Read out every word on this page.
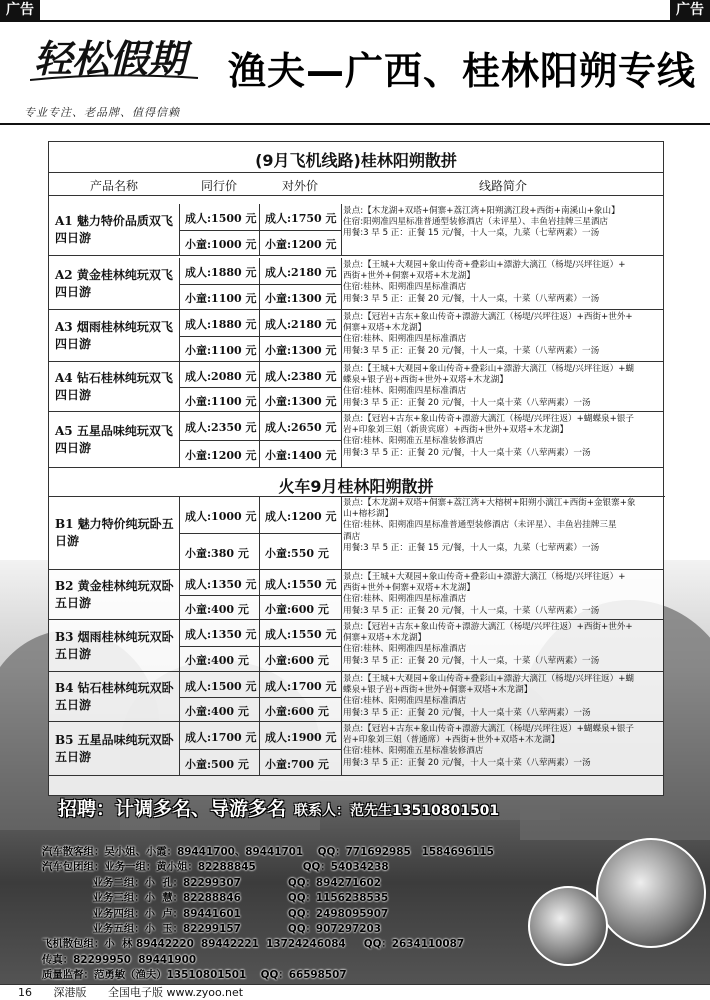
广告	广告
轻松假期
专业专注、老品牌、值得信赖
渔夫—广西、桂林阳朔专线
(9月飞机线路)桂林阳朔散拼
产品名称	同行价	对外价	线路简介
A1 魅力特价品质双飞四日游
成人:1500 元 成人:1750 元
小童:1000 元 小童:1200 元
景点:【木龙湖+双塔+侗寨+荔江湾+阳朔漓江段+西街+南溪山+象山】
住宿:阳朔准四星标准普通型装修酒店（未评星）、丰鱼岩挂牌三星酒店
用餐:3 早 5 正：正餐 15 元/餐，十人一桌，九菜（七荤两素）一汤
A2 黄金桂林纯玩双飞四日游
成人:1880 元 成人:2180 元
小童:1100 元 小童:1300 元
景点:【王城+大观园+象山传奇+叠彩山+漂游大漓江（杨堤/兴坪往返）+
西街+世外+侗寨+双塔+木龙湖】
住宿:桂林、阳朔准四星标准酒店
用餐:3 早 5 正：正餐 20 元/餐，十人一桌，十菜（八荤两素）一汤
A3 烟雨桂林纯玩双飞四日游
成人:1880 元 成人:2180 元
小童:1100 元 小童:1300 元
景点:【冠岩+古东+象山传奇+漂游大漓江（杨堤/兴坪往返）+西街+世外+
侗寨+双塔+木龙湖】
住宿:桂林、阳朔准四星标准酒店
用餐:3 早 5 正：正餐 20 元/餐，十人一桌，十菜（八荤两素）一汤
A4 钻石桂林纯玩双飞四日游
成人:2080 元 成人:2380 元
小童:1100 元 小童:1300 元
景点:【王城+大观园+象山传奇+叠彩山+漂游大漓江（杨堤/兴坪往返）+蝴
蝶泉+银子岩+西街+世外+双塔+木龙湖】
住宿:桂林、阳朔准四星标准酒店
用餐:3 早 5 正：正餐 20 元/餐，十人一桌十菜（八荤两素）一汤
A5 五星品味纯玩双飞四日游
成人:2350 元 成人:2650 元
小童:1200 元 小童:1400 元
景点:【冠岩+古东+象山传奇+漂游大漓江（杨堤/兴坪往返）+蝴蝶泉+银子
岩+印象刘三姐（新贵宾席）+西街+世外+双塔+木龙湖】
住宿:桂林、阳朔准五星标准装修酒店
用餐:3 早 5 正：正餐 20 元/餐，十人一桌十菜（八荤两素）一汤
火车9月桂林阳朔散拼
B1 魅力特价纯玩卧五日游
成人:1000 元 成人:1200 元
小童:380 元 小童:550 元
景点:【木龙湖+双塔+侗寨+荔江湾+大榕树+阳朔小漓江+西街+金银寨+象
山+榕杉湖】
住宿:桂林、阳朔准四星标准普通型装修酒店（未评星）、丰鱼岩挂牌三星
酒店
用餐:3 早 5 正：正餐 15 元/餐，十人一桌，九菜（七荤两素）一汤
B2 黄金桂林纯玩双卧五日游
成人:1350 元 成人:1550 元
小童:400 元 小童:600 元
景点:【王城+大观园+象山传奇+叠彩山+漂游大漓江（杨堤/兴坪往返）+
西街+世外+侗寨+双塔+木龙湖】
住宿:桂林、阳朔准四星标准酒店
用餐:3 早 5 正：正餐 20 元/餐，十人一桌，十菜（八荤两素）一汤
B3 烟雨桂林纯玩双卧五日游
成人:1350 元 成人:1550 元
小童:400 元 小童:600 元
景点:【冠岩+古东+象山传奇+漂游大漓江（杨堤/兴坪往返）+西街+世外+
侗寨+双塔+木龙湖】
住宿:桂林、阳朔准四星标准酒店
用餐:3 早 5 正：正餐 20 元/餐，十人一桌，十菜（八荤两素）一汤
B4 钻石桂林纯玩双卧五日游
成人:1500 元 成人:1700 元
小童:400 元 小童:600 元
景点:【王城+大观园+象山传奇+叠彩山+漂游大漓江（杨堤/兴坪往返）+蝴
蝶泉+银子岩+西街+世外+侗寨+双塔+木龙湖】
住宿:桂林、阳朔准四星标准酒店
用餐:3 早 5 正：正餐 20 元/餐，十人一桌十菜（八荤两素）一汤
B5 五星品味纯玩双卧五日游
成人:1700 元 成人:1900 元
小童:500 元 小童:700 元
景点:【冠岩+古东+象山传奇+漂游大漓江（杨堤/兴坪往返）+蝴蝶泉+银子
岩+印象刘三姐（普通席）+西街+世外+双塔+木龙湖】
住宿:桂林、阳朔准五星标准装修酒店
用餐:3 早 5 正：正餐 20 元/餐，十人一桌十菜（八荤两素）一汤
招聘：计调多名、导游多名 联系人：范先生13510801501
汽车散客组：吴小姐、小霞：89441700、89441701    QQ：771692985   1584696115
汽车包团组：业务一组：黄小姐：82288845             QQ：54034238
业务二组：小  孔：82299307             QQ：894271602
业务三组：小  慧：82288846             QQ：1156238535
业务四组：小  卢：89441601             QQ：2498095907
业务五组：小  玉：82299157             QQ：907297203
飞机散包组：小  林 89442220  89442221  13724246084     QQ：2634110087
传真：82299950  89441900
质量监督：范勇敏（渔夫）13510801501    QQ：66598507
16 深港版 全国电子版 www.zyoo.net
